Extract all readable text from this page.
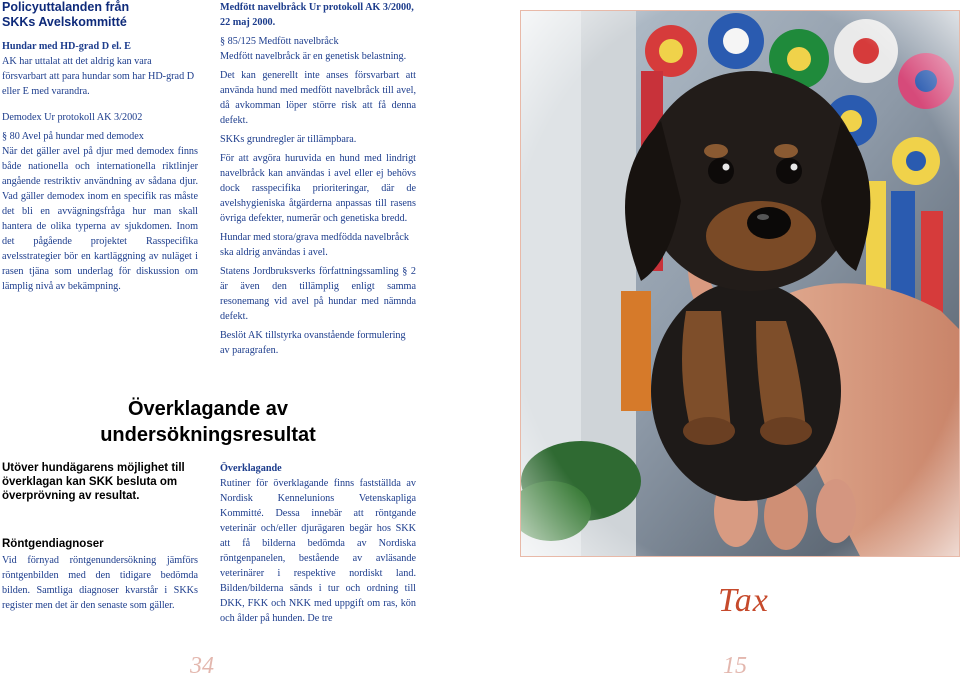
Policyuttalanden från
SKKs Avelskommitté

Hundar med HD-grad D el. E

AK har uttalat att det aldrig kan vara försvarbart att para hundar som har HD-grad D eller E med varandra.

Demodex Ur protokoll AK 3/2002

§ 80 Avel på hundar med demodex

När det gäller avel på djur med demodex finns både nationella och internationella riktlinjer angående restriktiv användning av sådana djur. Vad gäller demodex inom en specifik ras måste det bli en avvägningsfråga hur man skall hantera de olika typerna av sjukdomen. Inom det pågående projektet Rasspecifika avelsstrategier bör en kartläggning av nuläget i rasen tjäna som underlag för diskussion om lämplig nivå av bekämpning.

Medfött navelbråck Ur protokoll AK 3/2000, 22 maj 2000.

§ 85/125 Medfött navelbråck

Medfött navelbråck är en genetisk belastning.

Det kan generellt inte anses försvarbart att använda hund med medfött navelbråck till avel, då avkomman löper större risk att få denna defekt.

SKKs grundregler är tillämpbara.

För att avgöra huruvida en hund med lindrigt navelbråck kan användas i avel eller ej behövs dock rasspecifika prioriteringar, där de avelshygieniska åtgärderna anpassas till rasens övriga defekter, numerär och genetiska bredd.

Hundar med stora/grava medfödda navelbråck ska aldrig användas i avel.

Statens Jordbruksverks författningssamling § 2 är även den tillämplig enligt samma resonemang vid avel på hundar med nämnda defekt.

Beslöt AK tillstyrka ovanstående formulering av paragrafen.

Överklagande av
undersökningsresultat

Utöver hundägarens möjlighet till överklagan kan SKK besluta om överprövning av resultat.

Röntgendiagnoser

Vid förnyad röntgenundersökning jämförs röntgenbilden med den tidigare bedömda bilden. Samtliga diagnoser kvarstår i SKKs register men det är den senaste som gäller.

Överklagande

Rutiner för överklagande finns fastställda av Nordisk Kennelunions Vetenskapliga Kommitté. Dessa innebär att röntgande veterinär och/eller djurägaren begär hos SKK att få bilderna bedömda av Nordiska röntgenpanelen, bestående av avläsande veterinärer i respektive nordiskt land. Bilden/bilderna sänds i tur och ordning till DKK, FKK och NKK med uppgift om ras, kön och ålder på hunden. De tre	Tax
34	15
